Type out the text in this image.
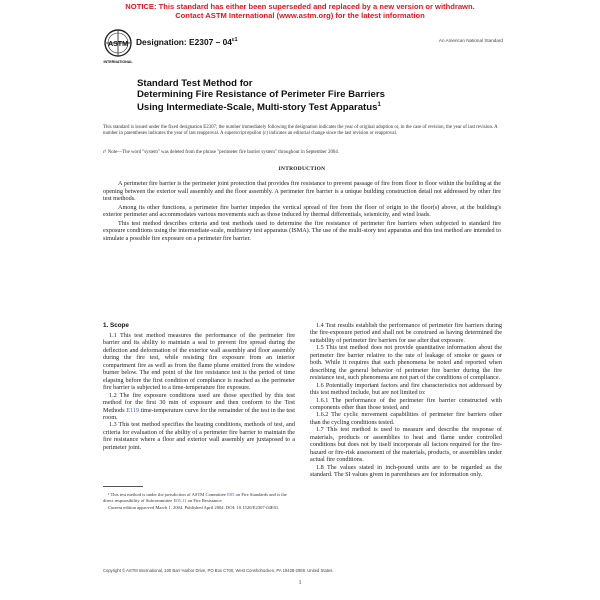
NOTICE: This standard has either been superseded and replaced by a new version or withdrawn.
Contact ASTM International (www.astm.org) for the latest information
ASTM
INTERNATIONAL
Designation: $E2307 - 04^{\varepsilon 1}$	An American National Standard

Standard Test Method for

Determining Fire Resistance of Perimeter Fire Barriers

Using Intermediate-Scale, Multi-story Test Apparatus$^1$

This standard is issued under the fixed designation E2307; the number immediately following the designation indicates the year of original adoption or, in the case of revision, the year of last revision. A number in parentheses indicates the year of last reapproval. A superscript epsilon (ε) indicates an editorial change since the last revision or reapproval.

ε¹ Note—The word "system" was deleted from the phrase "perimeter fire barrier system" throughout in September 2004.

INTRODUCTION

A perimeter fire barrier is the perimeter joint protection that provides fire resistance to prevent passage of fire from floor to floor within the building at the opening between the exterior wall assembly and the floor assembly. A perimeter fire barrier is a unique building construction detail not addressed by other fire test methods.

Among its other functions, a perimeter fire barrier impedes the vertical spread of fire from the floor of origin to the floor(s) above, at the building's exterior perimeter and accommodates various movements such as those induced by thermal differentials, seismicity, and wind loads.

This test method describes criteria and test methods used to determine the fire resistance of perimeter fire barriers when subjected to standard fire exposure conditions using the intermediate-scale, multistory test apparatus (ISMA). The use of the multi-story test apparatus and this test method are intended to simulate a possible fire exposure on a perimeter fire barrier.

1. Scope

1.1 This test method measures the performance of the perimeter fire barrier and its ability to maintain a seal to prevent fire spread during the deflection and deformation of the exterior wall assembly and floor assembly during the fire test, while resisting fire exposure from an interior compartment fire as well as from the flame plume emitted from the window burner below. The end point of the fire resistance test is the period of time elapsing before the first condition of compliance is reached as the perimeter fire barrier is subjected to a time-temperature fire exposure.

1.2 The fire exposure conditions used are those specified by this test method for the first 30 min of exposure and then conform to the Test Methods E119 time-temperature curve for the remainder of the test in the test room.

1.3 This test method specifies the heating conditions, methods of test, and criteria for evaluation of the ability of a perimeter fire barrier to maintain the fire resistance where a floor and exterior wall assembly are juxtaposed to a perimeter joint.

¹ This test method is under the jurisdiction of ASTM Committee E05 on Fire Standards and is the direct responsibility of Subcommittee E05.11 on Fire Resistance.

Current edition approved March 1, 2004. Published April 2004. DOI: 10.1520/E2307-04E01.

1.4 Test results establish the performance of perimeter fire barriers during the fire-exposure period and shall not be construed as having determined the suitability of perimeter fire barriers for use after that exposure.

1.5 This test method does not provide quantitative information about the perimeter fire barrier relative to the rate of leakage of smoke or gases or both. While it requires that such phenomena be noted and reported when describing the general behavior of perimeter fire barrier during the fire resistance test, such phenomena are not part of the conditions of compliance.

1.6 Potentially important factors and fire characteristics not addressed by this test method include, but are not limited to:

1.6.1 The performance of the perimeter fire barrier constructed with components other than those tested, and

1.6.2 The cyclic movement capabilities of perimeter fire barriers other than the cycling conditions tested.

1.7 This test method is used to measure and describe the response of materials, products or assemblies to heat and flame under controlled conditions but does not by itself incorporate all factors required for the fire-hazard or fire-risk assessment of the materials, products, or assemblies under actual fire conditions.

1.8 The values stated in inch-pound units are to be regarded as the standard. The SI values given in parentheses are for information only.

Copyright © ASTM International, 100 Barr Harbor Drive, PO Box C700, West Conshohocken, PA 19428-2959. United States.

1
